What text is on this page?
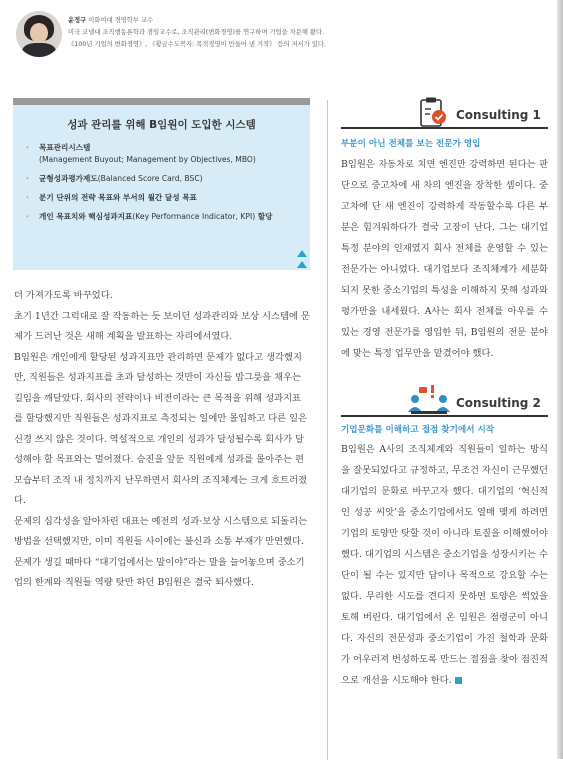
윤정구 이화여대 경영학부 교수
미국 코넬대 조직행동론학과 겸임교수로, 조직관리(변화경영)를 연구하며 기업을 자문해 왔다.
《100년 기업의 변화경영》, 《황금수도꼭지: 목적경영이 만들어 낸 기적》 등의 저서가 있다.
성과 관리를 위해 B임원이 도입한 시스템
· 목표관리시스템
(Management Buyout; Management by Objectives, MBO)
· 균형성과평가제도(Balanced Score Card, BSC)
· 분기 단위의 전략 목표와 부서의 월간 달성 목표
· 개인 목표치와 핵심성과지표(Key Performance Indicator, KPI) 할당

더 가져가도록 바꾸었다.

초기 1년간 그럭대로 잘 작동하는 듯 보이던 성과관리와 보상 시스템에 문제가 드러난 것은 새해 계획을 발표하는 자리에서였다.

B임원은 개인에게 할당된 성과지표만 관리하면 문제가 없다고 생각했지만, 직원들은 성과지표를 초과 달성하는 것만이 자신들 밥그릇을 채우는 길임을 깨달았다. 회사의 전략이나 비전이라는 큰 목적을 위해 성과지표를 할당했지만 직원들은 성과지표로 측정되는 일에만 몰입하고 다른 일은 신경 쓰지 않은 것이다. 역설적으로 개인의 성과가 달성될수록 회사가 달성해야 할 목표와는 멀어졌다. 승진을 앞둔 직원에게 성과를 몰아주는 편 모습부터 조직 내 정치까지 난무하면서 회사의 조직체계는 크게 흐트러졌다.

문제의 심각성을 알아차린 대표는 예전의 성과·보상 시스템으로 되돌리는 방법을 선택했지만, 이미 직원들 사이에는 불신과 소통 부재가 만연했다. 문제가 생길 때마다 “대기업에서는 말이야”라는 말을 늘어놓으며 중소기업의 한계와 직원들 역량 탓만 하던 B임원은 결국 퇴사했다.

Consulting 1
부분이 아닌 전체를 보는 전문가 영입

B임원은 자동차로 치면 엔진만 강력하면 된다는 판단으로 중고차에 새 차의 엔진을 장착한 셈이다. 중고차에 단 새 엔진이 강력하게 작동할수록 다른 부분은 힘겨워하다가 결국 고장이 난다. 그는 대기업 특정 분야의 인재였지 회사 전체를 운영할 수 있는 전문가는 아니었다. 대기업보다 조직체계가 세분화되지 못한 중소기업의 특성을 이해하지 못해 성과와 평가만을 내세웠다. A사는 회사 전체를 아우를 수 있는 경영 전문가를 영입한 뒤, B임원의 전문 분야에 맞는 특정 업무만을 맡겼어야 했다.

Consulting 2
기업문화를 이해하고 접점 찾기에서 시작

B임원은 A사의 조직체계와 직원들이 일하는 방식을 잘못되었다고 규정하고, 무조건 자신이 근무했던 대기업의 문화로 바꾸고자 했다. 대기업의 ‘혁신적인 성공 씨앗’을 중소기업에서도 열매 맺게 하려면 기업의 토양만 탓할 것이 아니라 토질을 이해했어야 했다. 대기업의 시스템은 중소기업을 성장시키는 수단이 될 수는 있지만 답이나 목적으로 강요할 수는 없다. 무리한 시도를 견디지 못하면 토양은 썩었을 토해 버린다. 대기업에서 온 임원은 점령군이 아니다. 자신의 전문성과 중소기업이 가진 철학과 문화가 어우러져 번성하도록 만드는 접점을 찾아 점진적으로 개선을 시도해야 한다.
